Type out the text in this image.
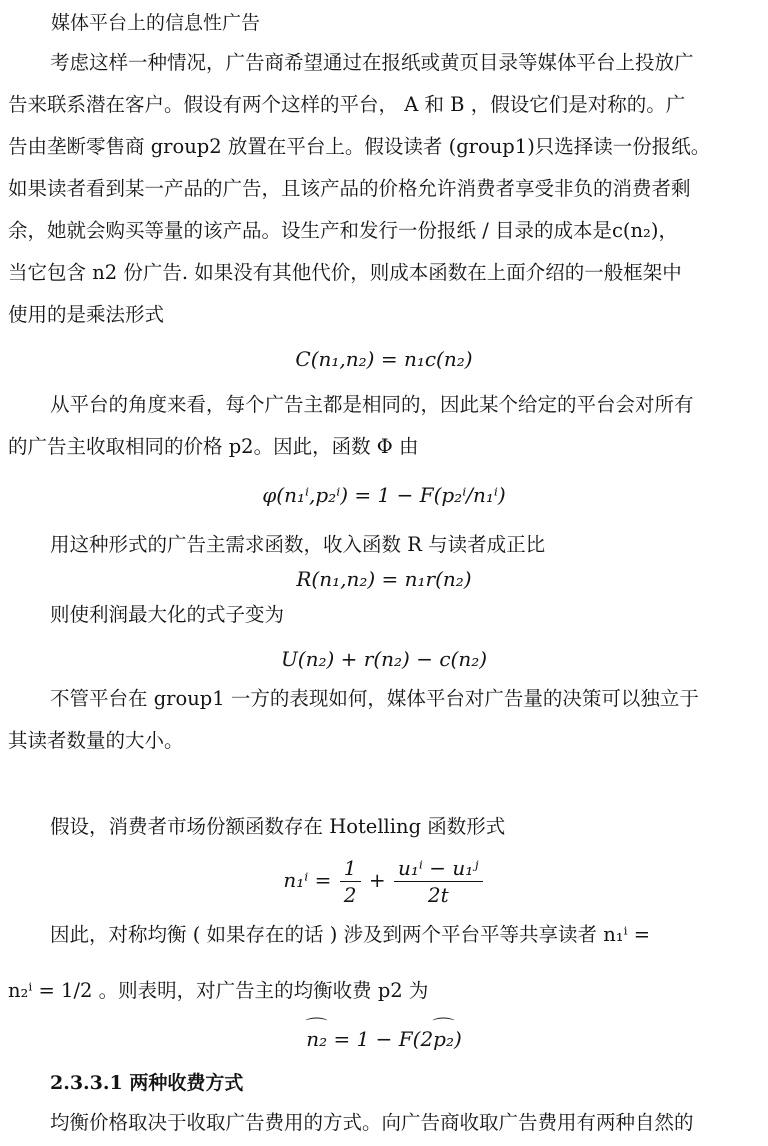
媒体平台上的信息性广告
考虑这样一种情况，广告商希望通过在报纸或黄页目录等媒体平台上投放广
告来联系潜在客户。假设有两个这样的平台， A 和 B ，假设它们是对称的。广
告由垄断零售商 group2 放置在平台上。假设读者 (group1)只选择读一份报纸。
如果读者看到某一产品的广告，且该产品的价格允许消费者享受非负的消费者剩
余，她就会购买等量的该产品。设生产和发行一份报纸 / 目录的成本是c(n₂)，
当它包含 n2 份广告. 如果没有其他代价，则成本函数在上面介绍的一般框架中
使用的是乘法形式
C(n₁,n₂) = n₁c(n₂)
从平台的角度来看，每个广告主都是相同的，因此某个给定的平台会对所有
的广告主收取相同的价格 p2。因此，函数 Φ 由
φ(n₁ⁱ,p₂ⁱ) = 1 − F(p₂ⁱ/n₁ⁱ)
用这种形式的广告主需求函数，收入函数 R 与读者成正比
R(n₁,n₂) = n₁r(n₂)
则使利润最大化的式子变为
U(n₂) + r(n₂) − c(n₂)
不管平台在 group1 一方的表现如何，媒体平台对广告量的决策可以独立于
其读者数量的大小。
假设，消费者市场份额函数存在 Hotelling 函数形式
$n_1^i = \frac{1}{2} + \frac{\text{u₁ⁱ − u₁ʲ}}{2t}$
因此，对称均衡 ( 如果存在的话 ) 涉及到两个平台平等共享读者 n₁ⁱ =
n₂ⁱ = 1/2 。则表明，对广告主的均衡收费 p2 为
⌒ n₂ = 1 − F(2⌒ p₂)
2.3.3.1 两种收费方式
均衡价格取决于收取广告费用的方式。向广告商收取广告费用有两种自然的
